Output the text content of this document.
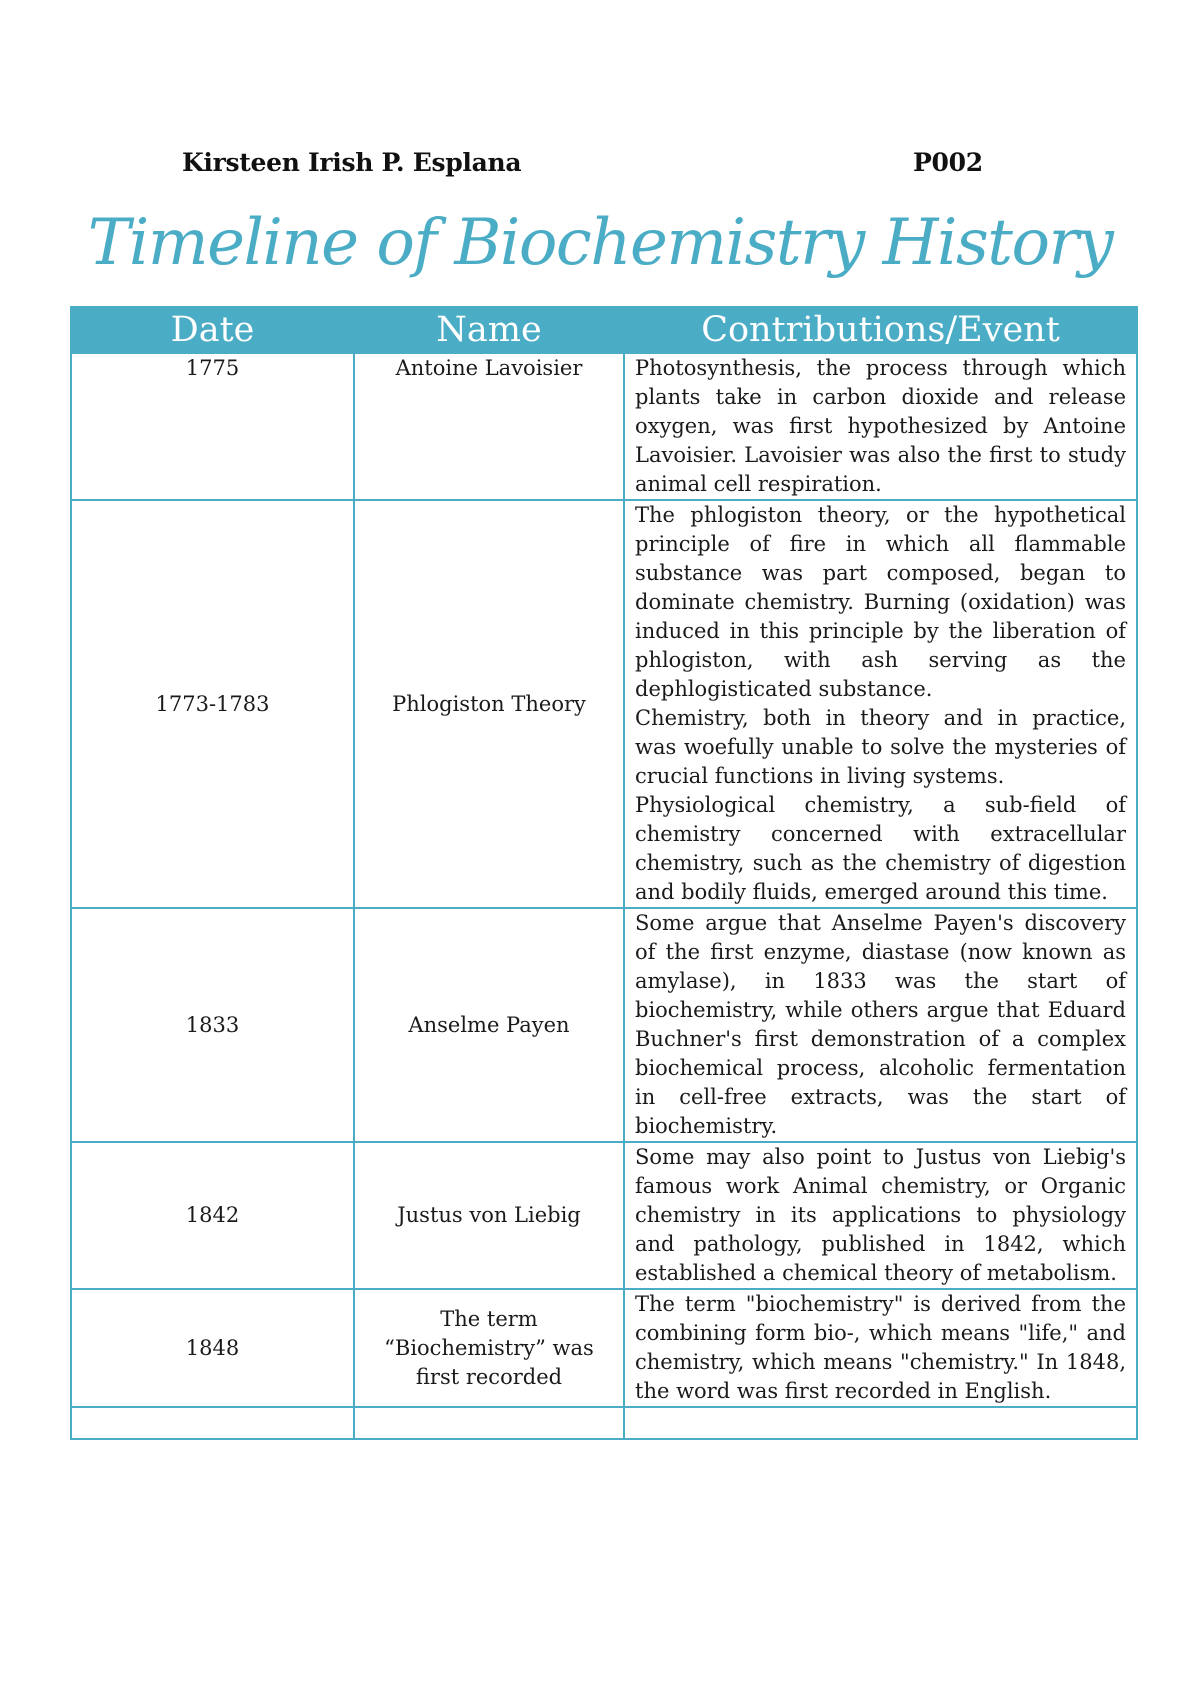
Kirsteen Irish P. Esplana	P002
Timeline of Biochemistry History
Date	Name	Contributions/Event
1775	Antoine Lavoisier	Photosynthesis, the process through which plants take in carbon dioxide and release oxygen, was first hypothesized by Antoine Lavoisier. Lavoisier was also the first to study animal cell respiration.

1773-1783	Phlogiston Theory	The phlogiston theory, or the hypothetical principle of fire in which all flammable substance was part composed, began to dominate chemistry. Burning (oxidation) was induced in this principle by the liberation of phlogiston, with ash serving as the dephlogisticated substance.

Chemistry, both in theory and in practice, was woefully unable to solve the mysteries of crucial functions in living systems.

Physiological chemistry, a sub-field of chemistry concerned with extracellular chemistry, such as the chemistry of digestion and bodily fluids, emerged around this time.

1833	Anselme Payen	Some argue that Anselme Payen's discovery of the first enzyme, diastase (now known as amylase), in 1833 was the start of biochemistry, while others argue that Eduard Buchner's first demonstration of a complex biochemical process, alcoholic fermentation in cell-free extracts, was the start of biochemistry.

1842	Justus von Liebig	Some may also point to Justus von Liebig's famous work Animal chemistry, or Organic chemistry in its applications to physiology and pathology, published in 1842, which established a chemical theory of metabolism.

1848	The term “Biochemistry” was first recorded	The term "biochemistry" is derived from the combining form bio-, which means "life," and chemistry, which means "chemistry." In 1848, the word was first recorded in English.
